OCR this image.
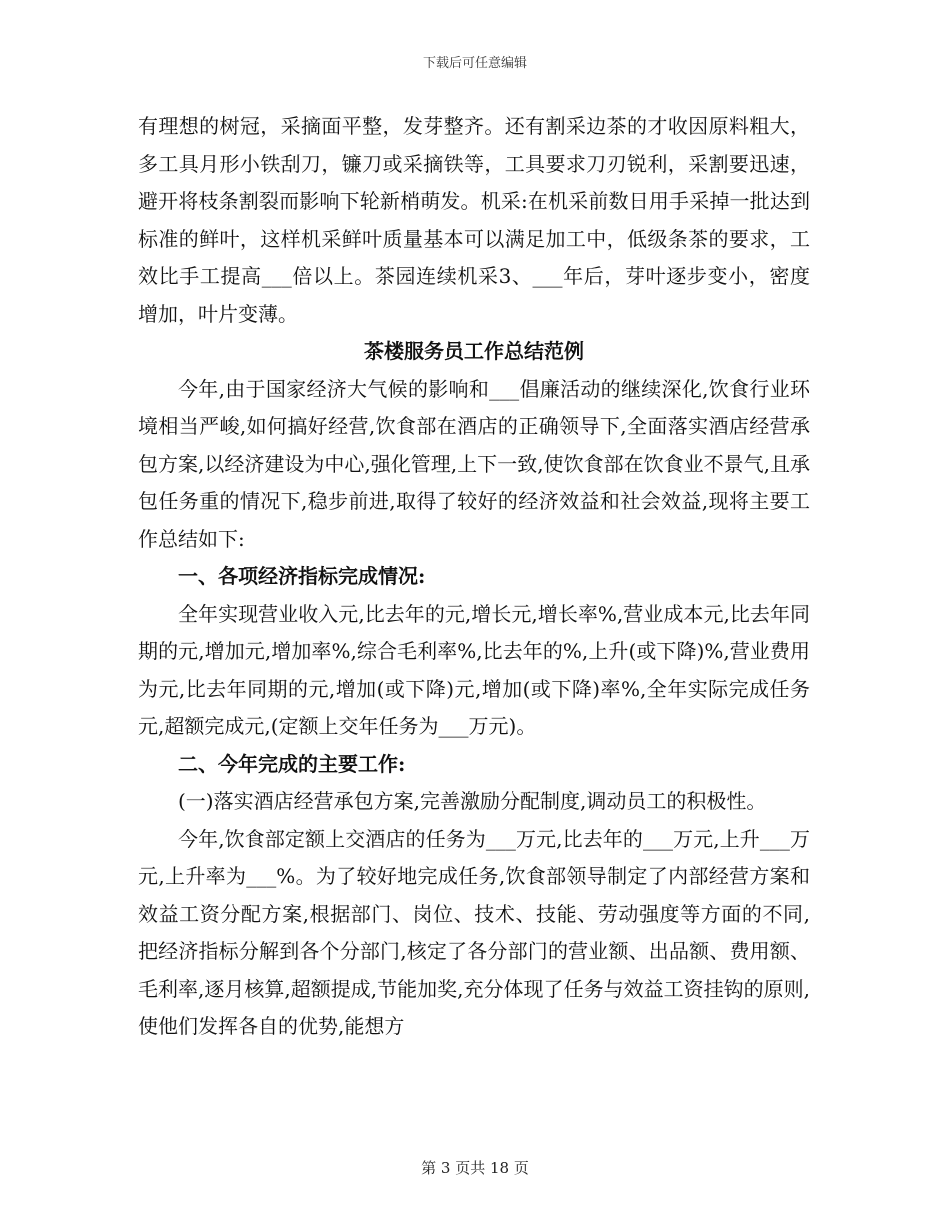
下载后可任意编辑

有理想的树冠，采摘面平整，发芽整齐。还有割采边茶的才收因原料粗大，多工具月形小铁刮刀，镰刀或采摘铁等，工具要求刀刃锐利，采割要迅速，避开将枝条割裂而影响下轮新梢萌发。机采:在机采前数日用手采掉一批达到标准的鲜叶，这样机采鲜叶质量基本可以满足加工中，低级条茶的要求，工效比手工提高___倍以上。茶园连续机采3、___年后，芽叶逐步变小，密度增加，叶片变薄。

茶楼服务员工作总结范例

今年,由于国家经济大气候的影响和___倡廉活动的继续深化,饮食行业环境相当严峻,如何搞好经营,饮食部在酒店的正确领导下,全面落实酒店经营承包方案,以经济建设为中心,强化管理,上下一致,使饮食部在饮食业不景气,且承包任务重的情况下,稳步前进,取得了较好的经济效益和社会效益,现将主要工作总结如下:

一、各项经济指标完成情况:

全年实现营业收入元,比去年的元,增长元,增长率%,营业成本元,比去年同期的元,增加元,增加率%,综合毛利率%,比去年的%,上升(或下降)%,营业费用为元,比去年同期的元,增加(或下降)元,增加(或下降)率%,全年实际完成任务元,超额完成元,(定额上交年任务为___万元)。

二、今年完成的主要工作:

(一)落实酒店经营承包方案,完善激励分配制度,调动员工的积极性。

今年,饮食部定额上交酒店的任务为___万元,比去年的___万元,上升___万元,上升率为___%。为了较好地完成任务,饮食部领导制定了内部经营方案和效益工资分配方案,根据部门、岗位、技术、技能、劳动强度等方面的不同,把经济指标分解到各个分部门,核定了各分部门的营业额、出品额、费用额、毛利率,逐月核算,超额提成,节能加奖,充分体现了任务与效益工资挂钩的原则,使他们发挥各自的优势,能想方

第 3 页共 18 页
